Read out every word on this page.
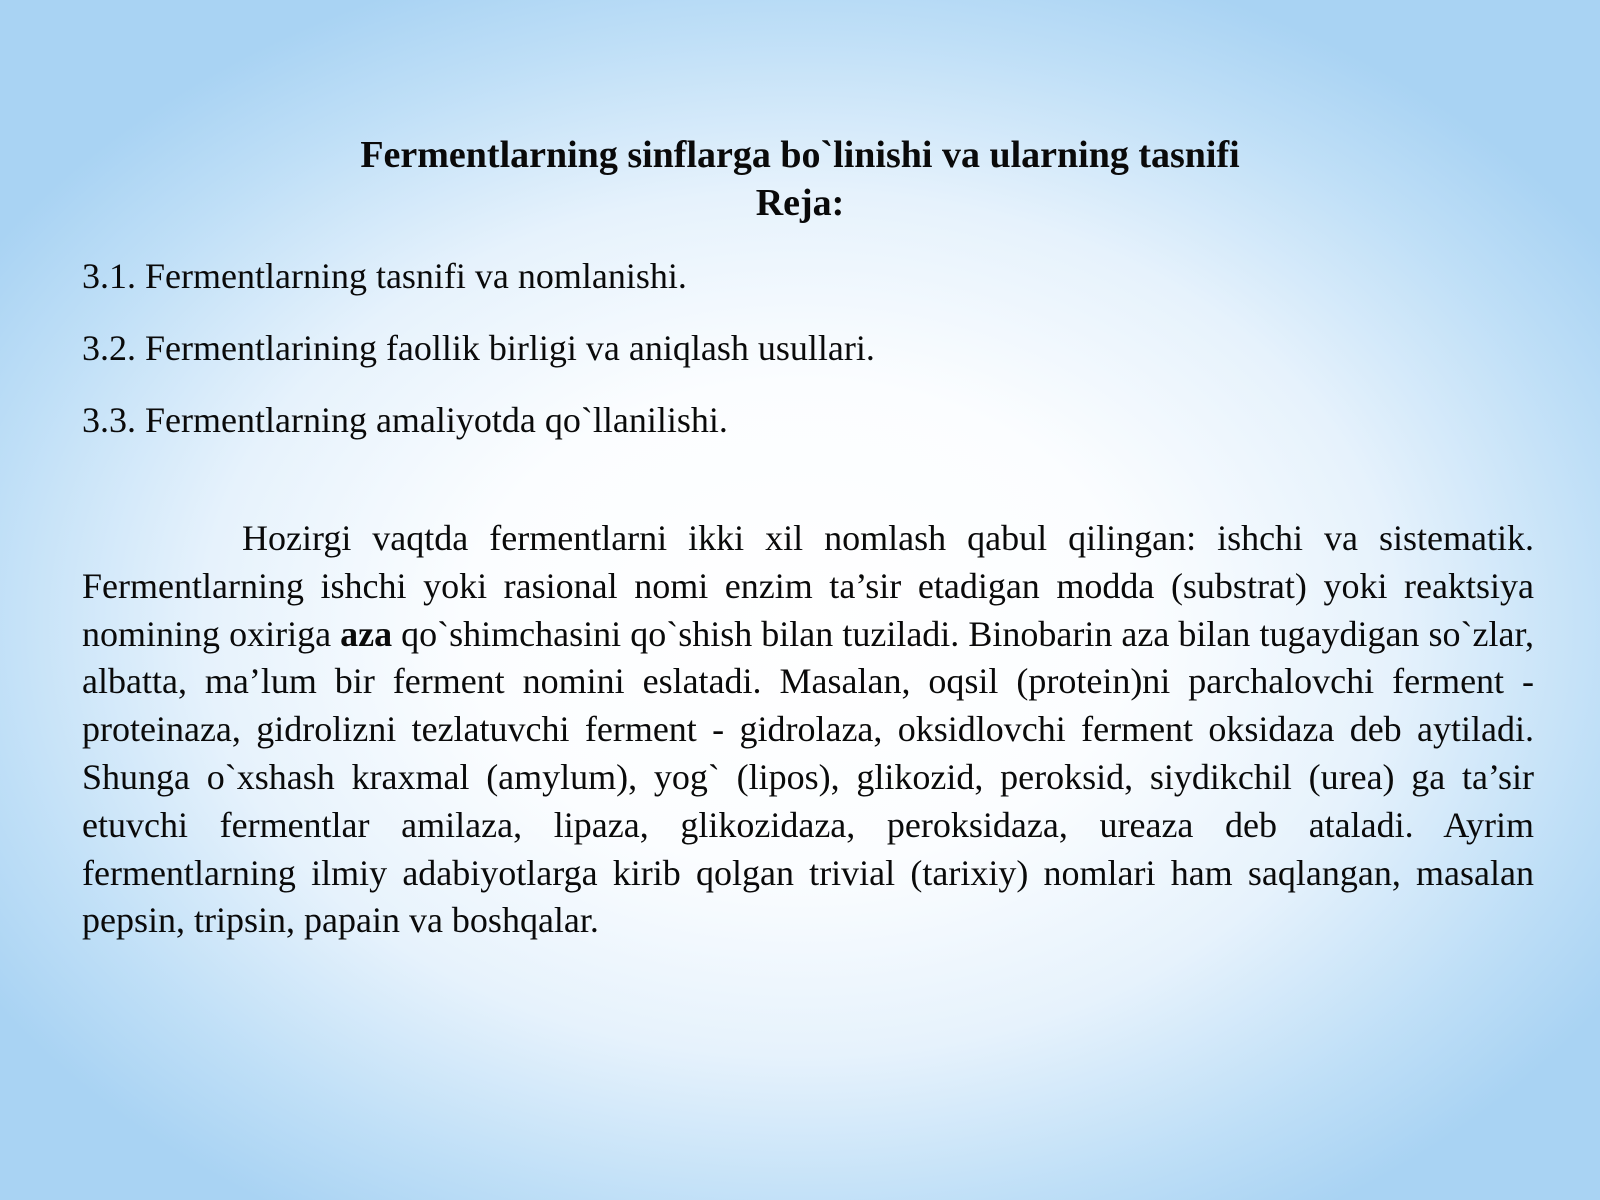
Fermentlarning sinflarga bo`linishi va ularning tasnifi
Reja:
3.1. Fermentlarning tasnifi va nomlanishi.
3.2. Fermentlarining faollik birligi va aniqlash usullari.
3.3. Fermentlarning amaliyotda qo`llanilishi.

Hozirgi vaqtda fermentlarni ikki xil nomlash qabul qilingan: ishchi va sistematik. Fermentlarning ishchi yoki rasional nomi enzim ta’sir etadigan modda (substrat) yoki reaktsiya nomining oxiriga aza qo`shimchasini qo`shish bilan tuziladi. Binobarin aza bilan tugaydigan so`zlar, albatta, ma’lum bir ferment nomini eslatadi. Masalan, oqsil (protein)ni parchalovchi ferment - proteinaza, gidrolizni tezlatuvchi ferment - gidrolaza, oksidlovchi ferment oksidaza deb aytiladi. Shunga o`xshash kraxmal (amylum), yog` (lipos), glikozid, peroksid, siydikchil (urea) ga ta’sir etuvchi fermentlar amilaza, lipaza, glikozidaza, peroksidaza, ureaza deb ataladi. Ayrim fermentlarning ilmiy adabiyotlarga kirib qolgan trivial (tarixiy) nomlari ham saqlangan, masalan pepsin, tripsin, papain va boshqalar.
